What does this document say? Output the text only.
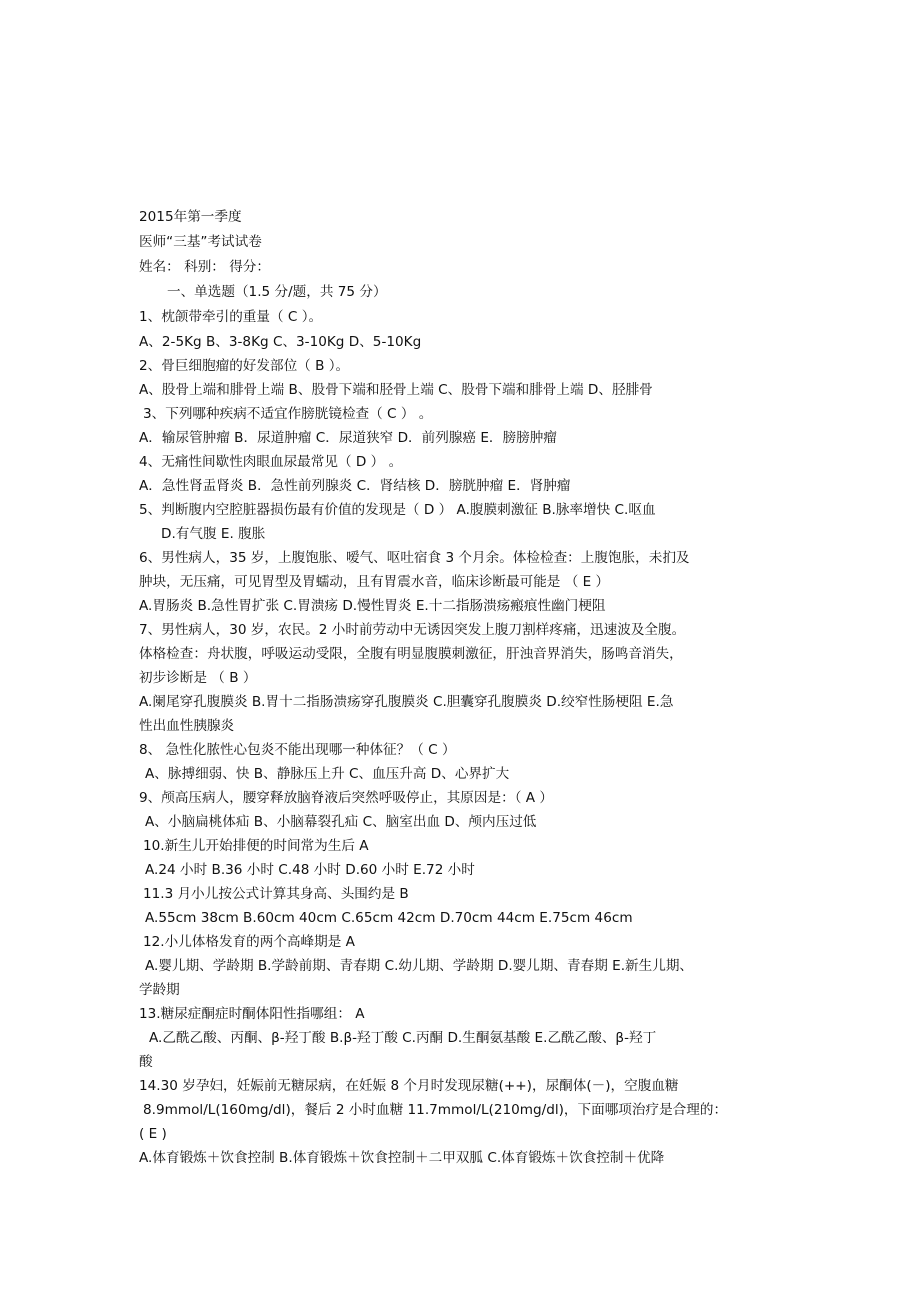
2015年第一季度
医师“三基”考试试卷
姓名： 科别： 得分：
一、单选题（1.5 分/题，共 75 分）
1、枕颌带牵引的重量（ C ）。
A、2-5Kg B、3-8Kg C、3-10Kg D、5-10Kg
2、骨巨细胞瘤的好发部位（ B ）。
A、股骨上端和腓骨上端 B、股骨下端和胫骨上端 C、股骨下端和腓骨上端 D、胫腓骨
3、下列哪种疾病不适宜作膀胱镜检查（ C ） 。
A．输尿管肿瘤 B．尿道肿瘤 C．尿道狭窄 D．前列腺癌 E．膀膀肿瘤
4、无痛性间歇性肉眼血尿最常见（ D ） 。
A．急性肾盂肾炎 B．急性前列腺炎 C．肾结核 D．膀胱肿瘤 E．肾肿瘤
5、判断腹内空腔脏器损伤最有价值的发现是（ D ） A.腹膜刺激征 B.脉率增快 C.呕血
D.有气腹 E. 腹胀
6、男性病人，35 岁，上腹饱胀、嗳气、呕吐宿食 3 个月余。体检检查：上腹饱胀，未扪及
肿块，无压痛，可见胃型及胃蠕动，且有胃震水音，临床诊断最可能是 （ E ）
A.胃肠炎 B.急性胃扩张 C.胃溃疡 D.慢性胃炎 E.十二指肠溃疡瘢痕性幽门梗阻
7、男性病人，30 岁，农民。2 小时前劳动中无诱因突发上腹刀割样疼痛，迅速波及全腹。
体格检查：舟状腹，呼吸运动受限，全腹有明显腹膜刺激征，肝浊音界消失，肠鸣音消失，
初步诊断是 （ B ）
A.阑尾穿孔腹膜炎 B.胃十二指肠溃疡穿孔腹膜炎 C.胆囊穿孔腹膜炎 D.绞窄性肠梗阻 E.急
性出血性胰腺炎
8、 急性化脓性心包炎不能出现哪一种体征？（ C ）
A、脉搏细弱、快 B、静脉压上升 C、血压升高 D、心界扩大
9、颅高压病人，腰穿释放脑脊液后突然呼吸停止，其原因是：（ A ）
A、小脑扁桃体疝 B、小脑幕裂孔疝 C、脑室出血 D、颅内压过低
10.新生儿开始排便的时间常为生后 A
A.24 小时 B.36 小时 C.48 小时 D.60 小时 E.72 小时
11.3 月小儿按公式计算其身高、头围约是 B
A.55cm 38cm B.60cm 40cm C.65cm 42cm D.70cm 44cm E.75cm 46cm
12.小儿体格发育的两个高峰期是 A
A.婴儿期、学龄期 B.学龄前期、青春期 C.幼儿期、学龄期 D.婴儿期、青春期 E.新生儿期、
学龄期
13.糖尿症酮症时酮体阳性指哪组： A
A.乙酰乙酸、丙酮、β-羟丁酸 B.β-羟丁酸 C.丙酮 D.生酮氨基酸 E.乙酰乙酸、β-羟丁
酸
14.30 岁孕妇，妊娠前无糖尿病，在妊娠 8 个月时发现尿糖(++)，尿酮体(－)，空腹血糖
8.9mmol/L(160mg/dl)，餐后 2 小时血糖 11.7mmol/L(210mg/dl)，下面哪项治疗是合理的：
( E )
A.体育锻炼＋饮食控制 B.体育锻炼＋饮食控制＋二甲双胍 C.体育锻炼＋饮食控制＋优降
